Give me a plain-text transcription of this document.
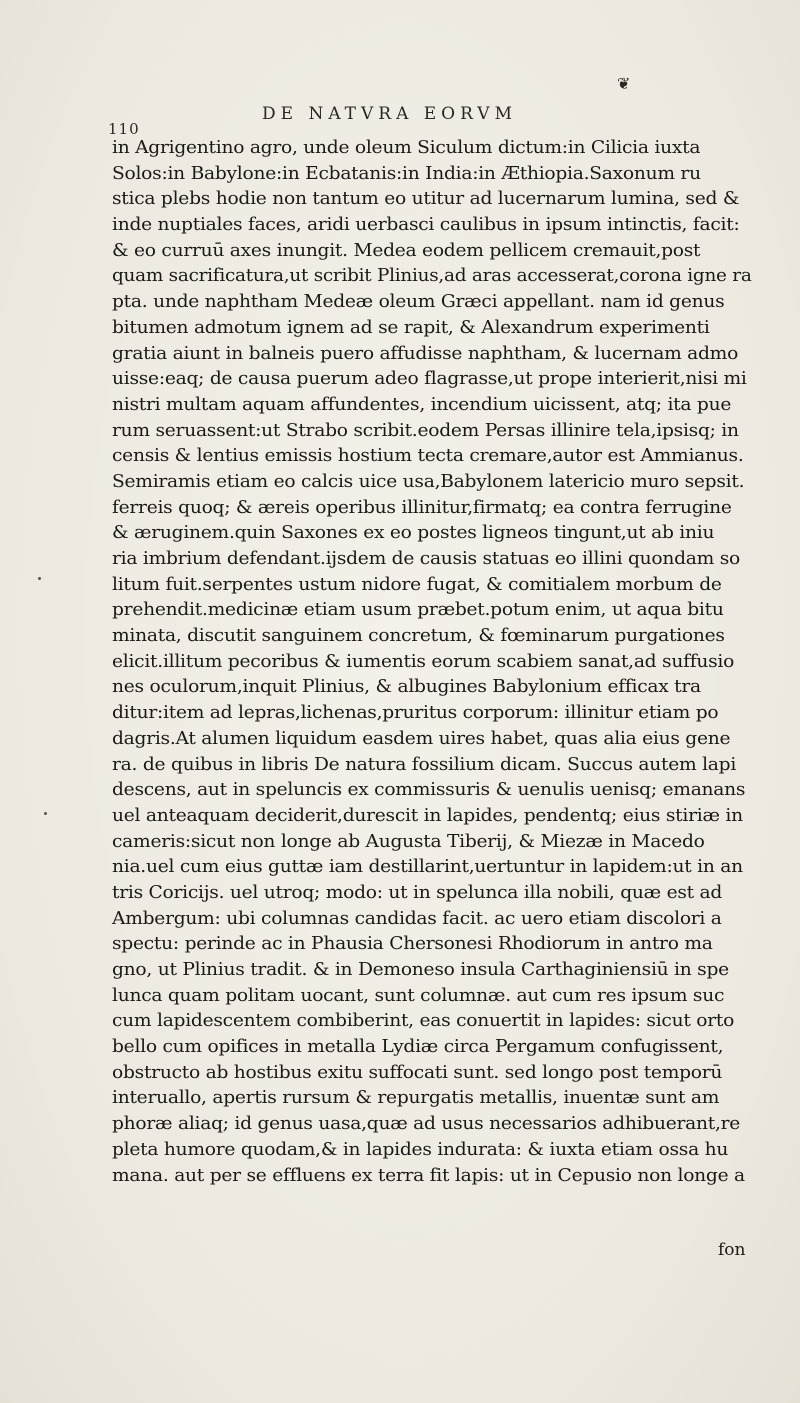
❦
110
DE NATVRA EORVM
in Agrigentino agro, unde oleum Siculum dictum:in Cilicia iuxta
Solos:in Babylone:in Ecbatanis:in India:in Æthiopia.Saxonum ru
stica plebs hodie non tantum eo utitur ad lucernarum lumina, sed &
inde nuptiales faces, aridi uerbasci caulibus in ipsum intinctis, facit:
& eo curruū axes inungit. Medea eodem pellicem cremauit,post
quam sacrificatura,ut scribit Plinius,ad aras accesserat,corona igne ra
pta. unde naphtham Medeæ oleum Græci appellant. nam id genus
bitumen admotum ignem ad se rapit, & Alexandrum experimenti
gratia aiunt in balneis puero affudisse naphtham, & lucernam admo
uisse:eaq; de causa puerum adeo flagrasse,ut prope interierit,nisi mi
nistri multam aquam affundentes, incendium uicissent, atq; ita pue
rum seruassent:ut Strabo scribit.eodem Persas illinire tela,ipsisq; in
censis & lentius emissis hostium tecta cremare,autor est Ammianus.
Semiramis etiam eo calcis uice usa,Babylonem latericio muro sepsit.
ferreis quoq; & æreis operibus illinitur,firmatq; ea contra ferrugine
& æruginem.quin Saxones ex eo postes ligneos tingunt,ut ab iniu
ria imbrium defendant.ijsdem de causis statuas eo illini quondam so
litum fuit.serpentes ustum nidore fugat, & comitialem morbum de
prehendit.medicinæ etiam usum præbet.potum enim, ut aqua bitu
minata, discutit sanguinem concretum, & fœminarum purgationes
elicit.illitum pecoribus & iumentis eorum scabiem sanat,ad suffusio
nes oculorum,inquit Plinius, & albugines Babylonium efficax tra
ditur:item ad lepras,lichenas,pruritus corporum: illinitur etiam po
dagris.At alumen liquidum easdem uires habet, quas alia eius gene
ra. de quibus in libris De natura fossilium dicam. Succus autem lapi
descens, aut in speluncis ex commissuris & uenulis uenisq; emanans
uel anteaquam deciderit,durescit in lapides, pendentq; eius stiriæ in
cameris:sicut non longe ab Augusta Tiberij, & Miezæ in Macedo
nia.uel cum eius guttæ iam destillarint,uertuntur in lapidem:ut in an
tris Coricijs. uel utroq; modo: ut in spelunca illa nobili, quæ est ad
Ambergum: ubi columnas candidas facit. ac uero etiam discolori a
spectu: perinde ac in Phausia Chersonesi Rhodiorum in antro ma
gno, ut Plinius tradit. & in Demoneso insula Carthaginiensiū in spe
lunca quam politam uocant, sunt columnæ. aut cum res ipsum suc
cum lapidescentem combiberint, eas conuertit in lapides: sicut orto
bello cum opifices in metalla Lydiæ circa Pergamum confugissent,
obstructo ab hostibus exitu suffocati sunt. sed longo post temporū
interuallo, apertis rursum & repurgatis metallis, inuentæ sunt am
phoræ aliaq; id genus uasa,quæ ad usus necessarios adhibuerant,re
pleta humore quodam,& in lapides indurata: & iuxta etiam ossa hu
mana. aut per se effluens ex terra fit lapis: ut in Cepusio non longe a
fon
